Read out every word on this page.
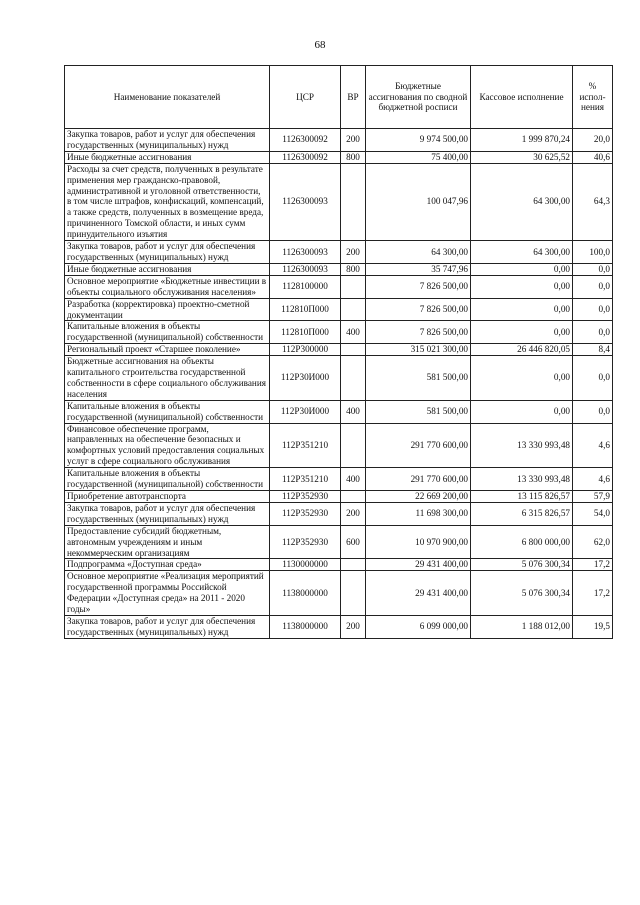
68
Наименование показателей	ЦСР	ВР	Бюджетные ассигнования по сводной бюджетной росписи	Кассовое исполнение	% испол-нения
Закупка товаров, работ и услуг для обеспечения государственных (муниципальных) нужд	1126300092	200	9 974 500,00	1 999 870,24	20,0
Иные бюджетные ассигнования	1126300092	800	75 400,00	30 625,52	40,6
Расходы за счет средств, полученных в результате применения мер гражданско-правовой, административной и уголовной ответственности, в том числе штрафов, конфискаций, компенсаций, а также средств, полученных в возмещение вреда, причиненного Томской области, и иных сумм принудительного изъятия	1126300093		100 047,96	64 300,00	64,3
Закупка товаров, работ и услуг для обеспечения государственных (муниципальных) нужд	1126300093	200	64 300,00	64 300,00	100,0
Иные бюджетные ассигнования	1126300093	800	35 747,96	0,00	0,0
Основное мероприятие «Бюджетные инвестиции в объекты социального обслуживания населения»	1128100000		7 826 500,00	0,00	0,0
Разработка (корректировка) проектно-сметной документации	112810П000		7 826 500,00	0,00	0,0
Капитальные вложения в объекты государственной (муниципальной) собственности	112810П000	400	7 826 500,00	0,00	0,0
Региональный проект «Старшее поколение»	112Р300000		315 021 300,00	26 446 820,05	8,4
Бюджетные ассигнования на объекты капитального строительства государственной собственности в сфере социального обслуживания населения	112Р30И000		581 500,00	0,00	0,0
Капитальные вложения в объекты государственной (муниципальной) собственности	112Р30И000	400	581 500,00	0,00	0,0
Финансовое обеспечение программ, направленных на обеспечение безопасных и комфортных условий предоставления социальных услуг в сфере социального обслуживания	112Р351210		291 770 600,00	13 330 993,48	4,6
Капитальные вложения в объекты государственной (муниципальной) собственности	112Р351210	400	291 770 600,00	13 330 993,48	4,6
Приобретение автотранспорта	112Р352930		22 669 200,00	13 115 826,57	57,9
Закупка товаров, работ и услуг для обеспечения государственных (муниципальных) нужд	112Р352930	200	11 698 300,00	6 315 826,57	54,0
Предоставление субсидий бюджетным, автономным учреждениям и иным некоммерческим организациям	112Р352930	600	10 970 900,00	6 800 000,00	62,0
Подпрограмма «Доступная среда»	1130000000		29 431 400,00	5 076 300,34	17,2
Основное мероприятие «Реализация мероприятий государственной программы Российской Федерации «Доступная среда» на 2011 - 2020 годы»	1138000000		29 431 400,00	5 076 300,34	17,2
Закупка товаров, работ и услуг для обеспечения государственных (муниципальных) нужд	1138000000	200	6 099 000,00	1 188 012,00	19,5
